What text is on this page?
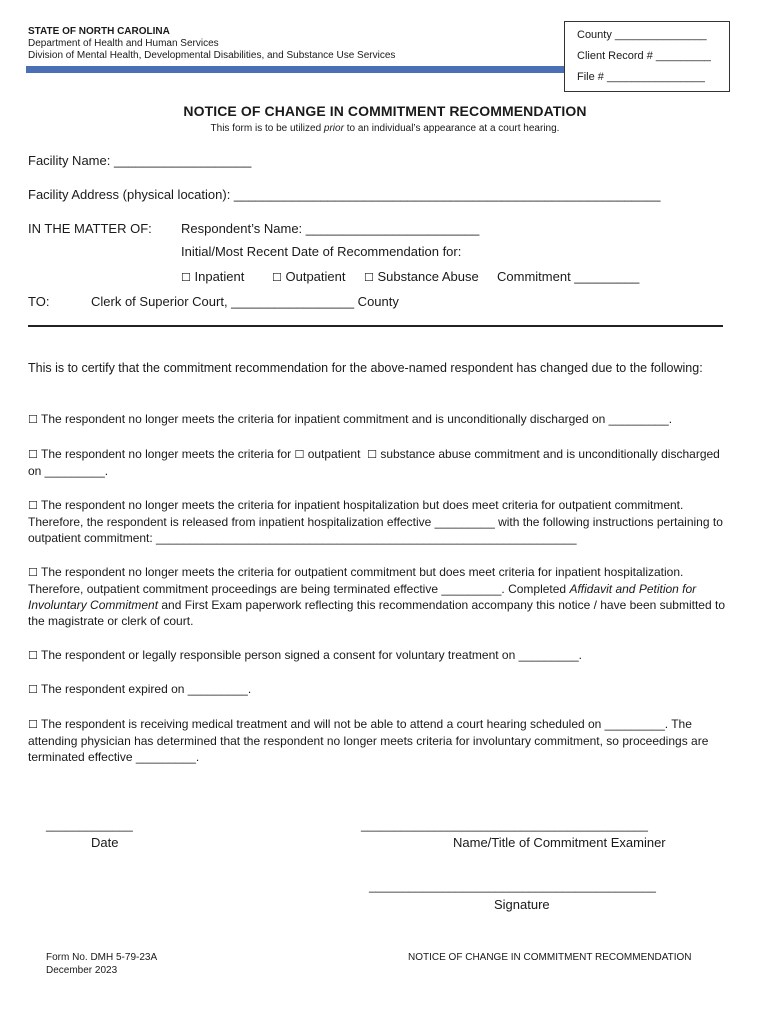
STATE OF NORTH CAROLINA
Department of Health and Human Services
Division of Mental Health, Developmental Disabilities, and Substance Use Services
County _______________
Client Record # _________
File # ________________
NOTICE OF CHANGE IN COMMITMENT RECOMMENDATION
This form is to be utilized prior to an individual’s appearance at a court hearing.
Facility Name: ___________________
Facility Address (physical location): ___________________________________________________________
IN THE MATTER OF: Respondent’s Name: ________________________
Initial/Most Recent Date of Recommendation for:
☐ Inpatient	☐ Outpatient ☐ Substance Abuse Commitment _________
TO:	Clerk of Superior Court, _________________ County
This is to certify that the commitment recommendation for the above-named respondent has changed due to the following:
☐ The respondent no longer meets the criteria for inpatient commitment and is unconditionally discharged on _________.
☐ The respondent no longer meets the criteria for ☐ outpatient ☐ substance abuse commitment and is unconditionally discharged on _________.
☐ The respondent no longer meets the criteria for inpatient hospitalization but does meet criteria for outpatient commitment. Therefore, the respondent is released from inpatient hospitalization effective _________ with the following instructions pertaining to outpatient commitment: _______________________________________________________________
☐ The respondent no longer meets the criteria for outpatient commitment but does meet criteria for inpatient hospitalization. Therefore, outpatient commitment proceedings are being terminated effective _________. Completed Affidavit and Petition for Involuntary Commitment and First Exam paperwork reflecting this recommendation accompany this notice / have been submitted to the magistrate or clerk of court.
☐ The respondent or legally responsible person signed a consent for voluntary treatment on _________.
☐ The respondent expired on _________.
☐ The respondent is receiving medical treatment and will not be able to attend a court hearing scheduled on _________. The attending physician has determined that the respondent no longer meets criteria for involuntary commitment, so proceedings are terminated effective _________.
_____________
Date
___________________________________________
Name/Title of Commitment Examiner
___________________________________________
Signature
Form No. DMH 5-79-23A
December 2023
NOTICE OF CHANGE IN COMMITMENT RECOMMENDATION
